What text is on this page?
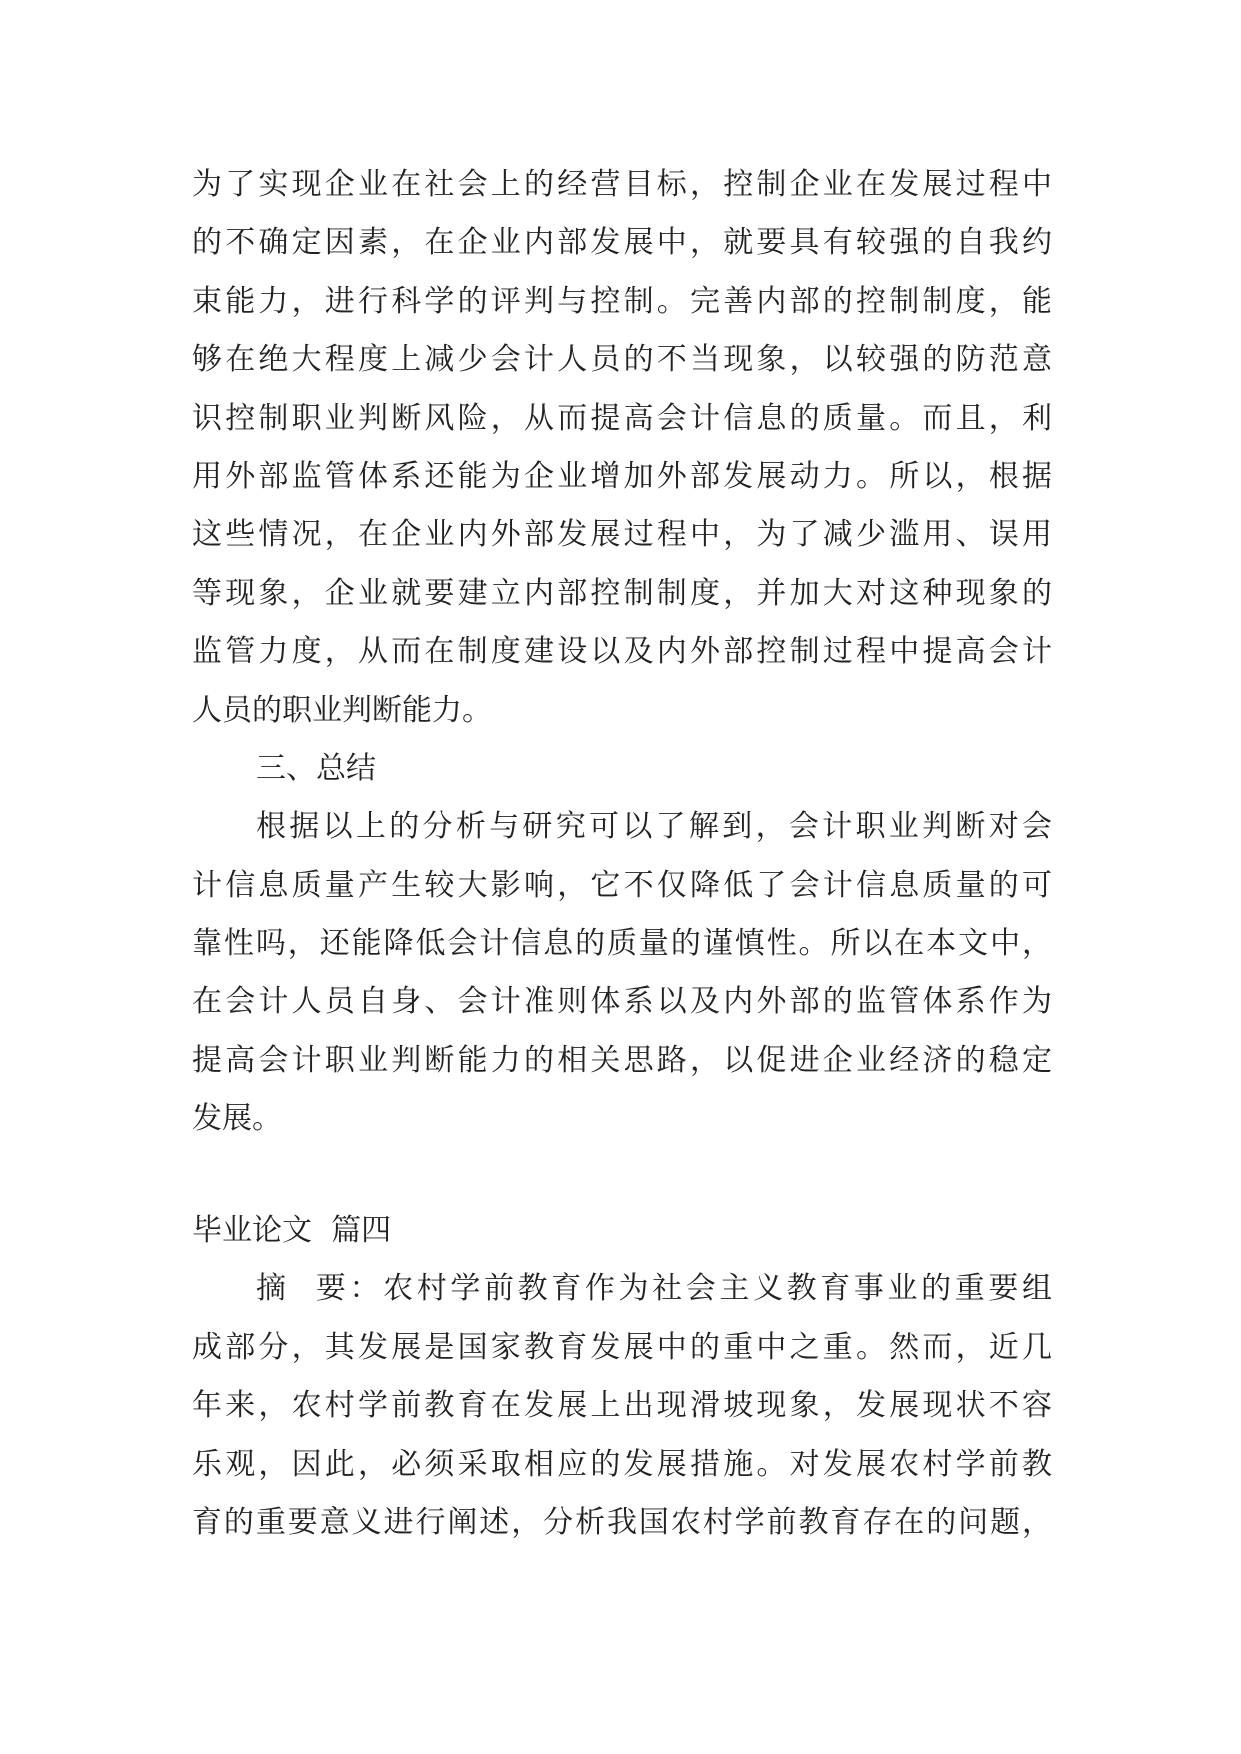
为了实现企业在社会上的经营目标，控制企业在发展过程中
的不确定因素，在企业内部发展中，就要具有较强的自我约
束能力，进行科学的评判与控制。完善内部的控制制度，能
够在绝大程度上减少会计人员的不当现象，以较强的防范意
识控制职业判断风险，从而提高会计信息的质量。而且，利
用外部监管体系还能为企业增加外部发展动力。所以，根据
这些情况，在企业内外部发展过程中，为了减少滥用、误用
等现象，企业就要建立内部控制制度，并加大对这种现象的
监管力度，从而在制度建设以及内外部控制过程中提高会计
人员的职业判断能力。
三、总结
根据以上的分析与研究可以了解到，会计职业判断对会
计信息质量产生较大影响，它不仅降低了会计信息质量的可
靠性吗，还能降低会计信息的质量的谨慎性。所以在本文中，
在会计人员自身、会计准则体系以及内外部的监管体系作为
提高会计职业判断能力的相关思路，以促进企业经济的稳定
发展。
毕业论文  篇四
摘  要：农村学前教育作为社会主义教育事业的重要组
成部分，其发展是国家教育发展中的重中之重。然而，近几
年来，农村学前教育在发展上出现滑坡现象，发展现状不容
乐观，因此，必须采取相应的发展措施。对发展农村学前教
育的重要意义进行阐述，分析我国农村学前教育存在的问题，
